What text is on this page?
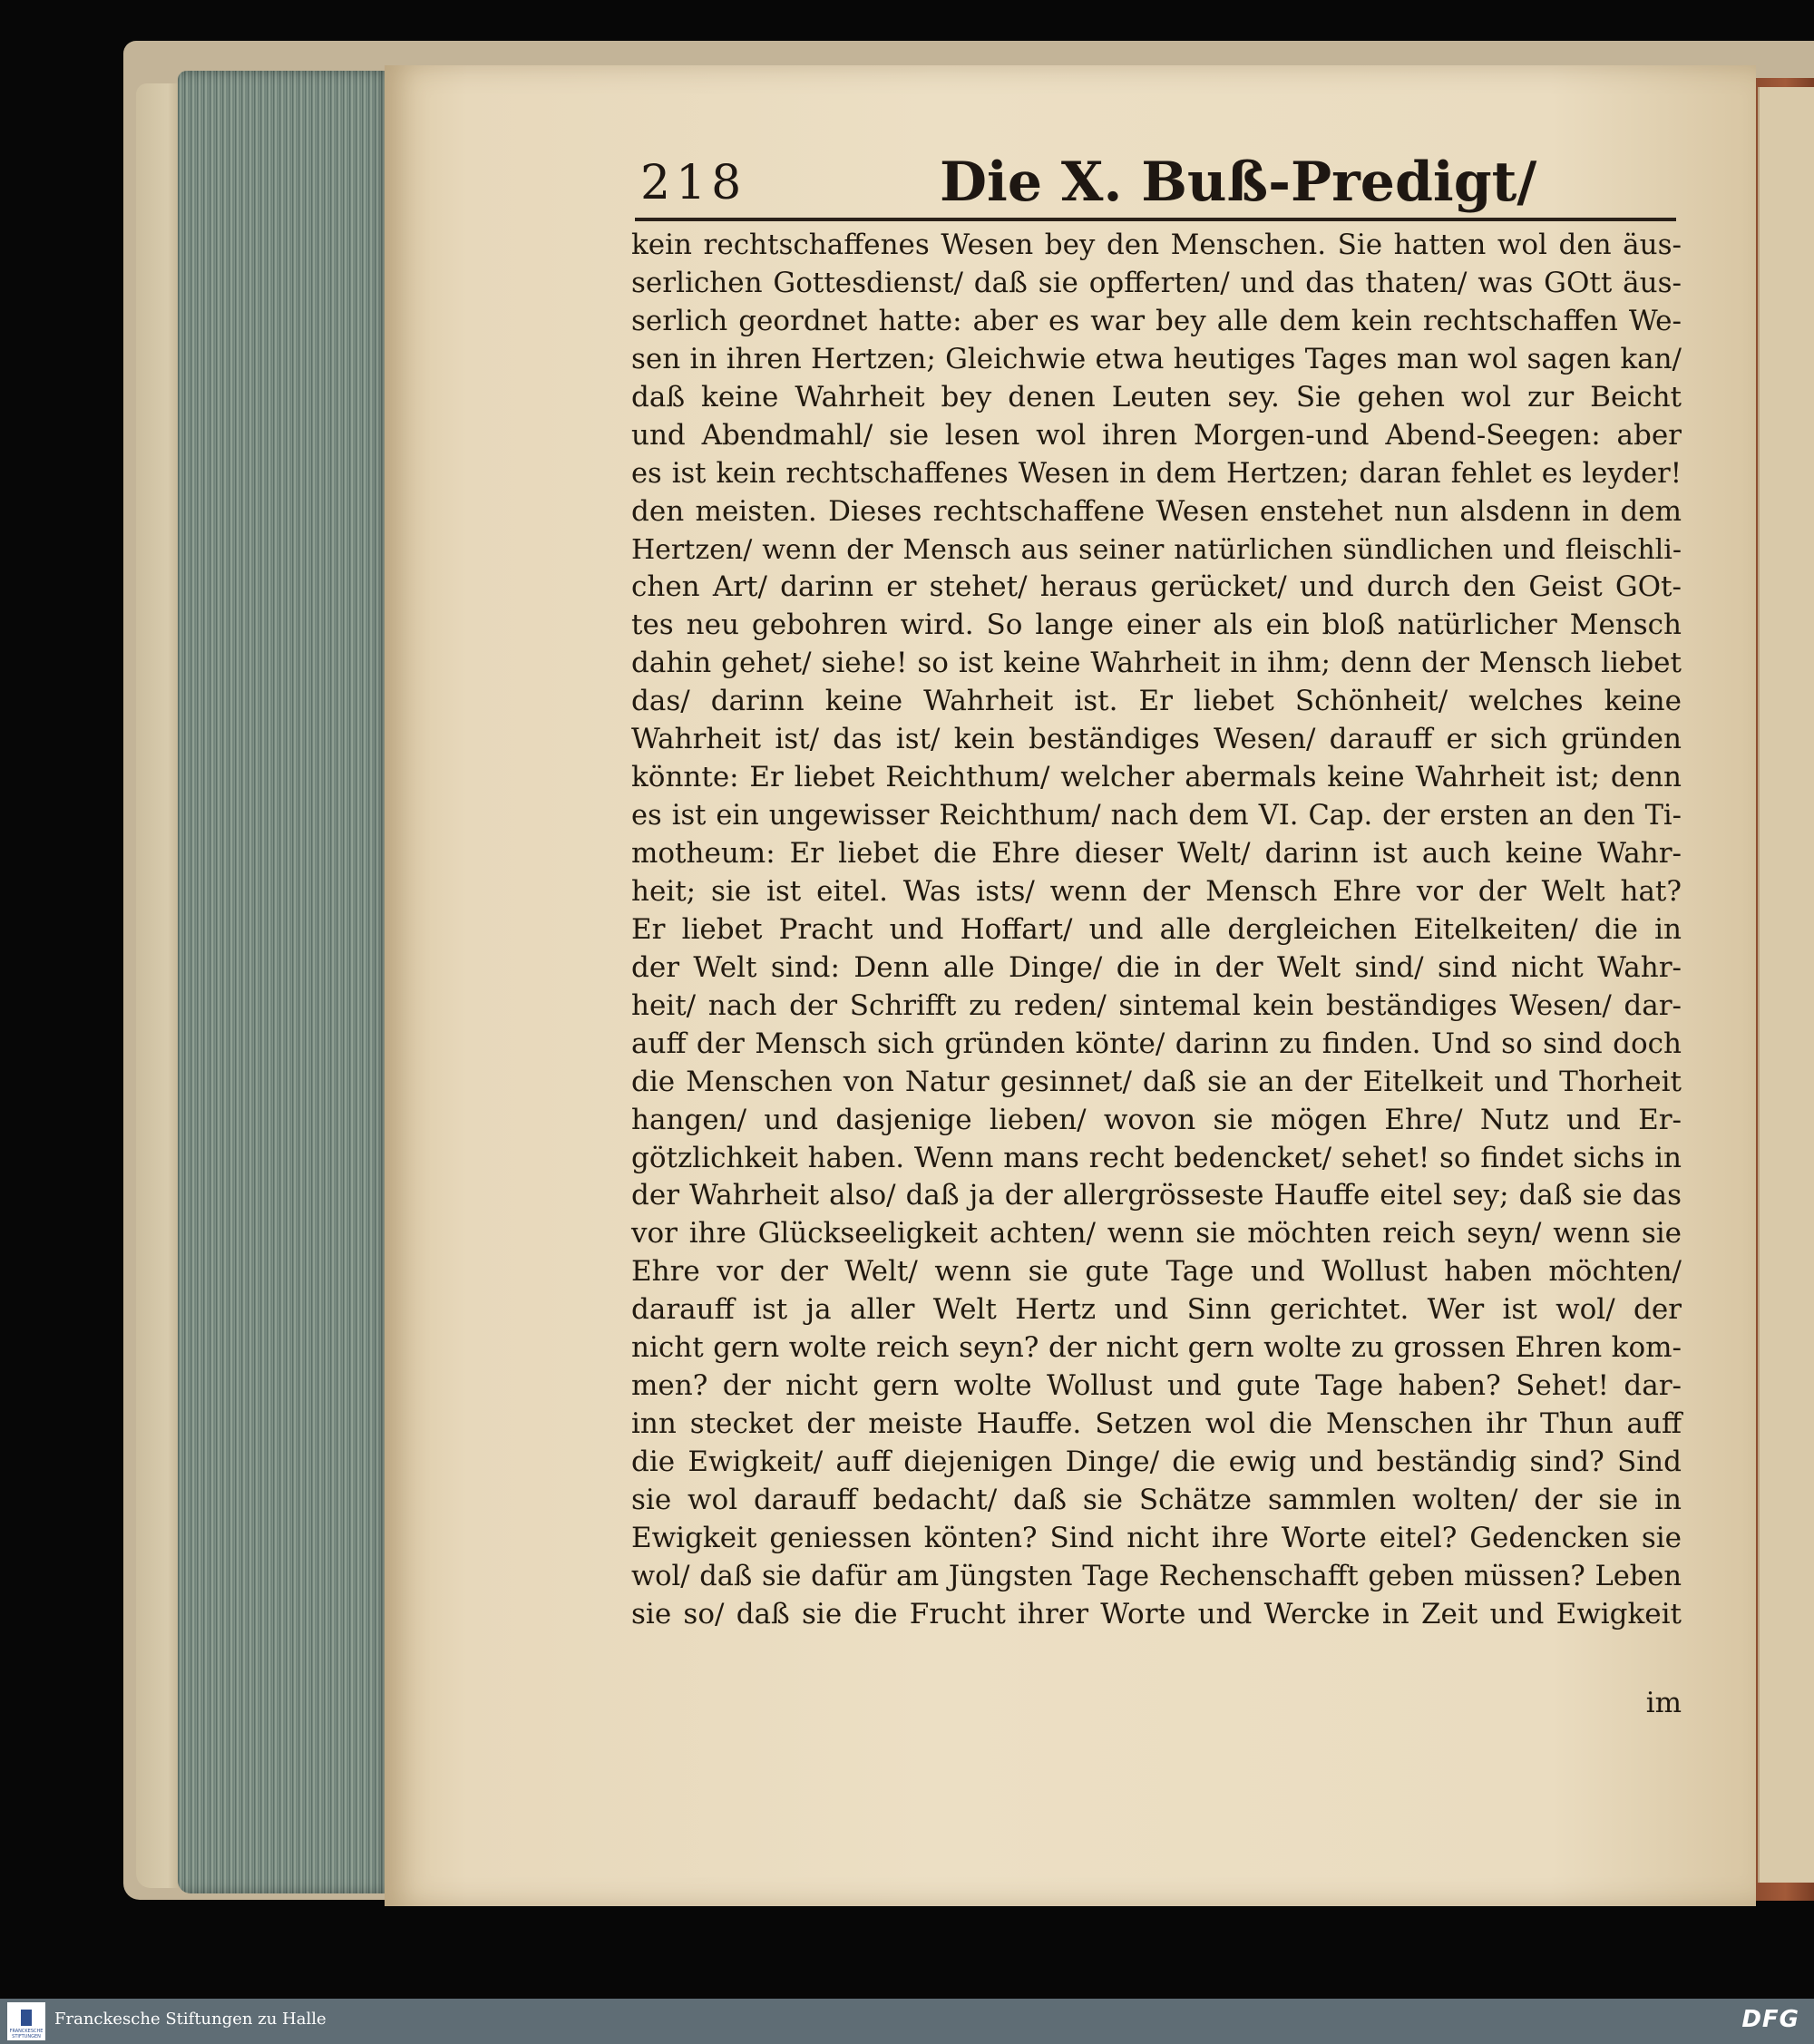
218	Die X. Buß-Predigt/
kein rechtschaffenes Wesen bey den Menschen. Sie hatten wol den äus-
serlichen Gottesdienst/ daß sie opfferten/ und das thaten/ was GOtt äus-
serlich geordnet hatte: aber es war bey alle dem kein rechtschaffen We-
sen in ihren Hertzen; Gleichwie etwa heutiges Tages man wol sagen kan/
daß keine Wahrheit bey denen Leuten sey. Sie gehen wol zur Beicht
und Abendmahl/ sie lesen wol ihren Morgen-und Abend-Seegen: aber
es ist kein rechtschaffenes Wesen in dem Hertzen; daran fehlet es leyder!
den meisten. Dieses rechtschaffene Wesen enstehet nun alsdenn in dem
Hertzen/ wenn der Mensch aus seiner natürlichen sündlichen und fleischli-
chen Art/ darinn er stehet/ heraus gerücket/ und durch den Geist GOt-
tes neu gebohren wird. So lange einer als ein bloß natürlicher Mensch
dahin gehet/ siehe! so ist keine Wahrheit in ihm; denn der Mensch liebet
das/ darinn keine Wahrheit ist. Er liebet Schönheit/ welches keine
Wahrheit ist/ das ist/ kein beständiges Wesen/ darauff er sich gründen
könnte: Er liebet Reichthum/ welcher abermals keine Wahrheit ist; denn
es ist ein ungewisser Reichthum/ nach dem VI. Cap. der ersten an den Ti-
motheum: Er liebet die Ehre dieser Welt/ darinn ist auch keine Wahr-
heit; sie ist eitel. Was ists/ wenn der Mensch Ehre vor der Welt hat?
Er liebet Pracht und Hoffart/ und alle dergleichen Eitelkeiten/ die in
der Welt sind: Denn alle Dinge/ die in der Welt sind/ sind nicht Wahr-
heit/ nach der Schrifft zu reden/ sintemal kein beständiges Wesen/ dar-
auff der Mensch sich gründen könte/ darinn zu finden. Und so sind doch
die Menschen von Natur gesinnet/ daß sie an der Eitelkeit und Thorheit
hangen/ und dasjenige lieben/ wovon sie mögen Ehre/ Nutz und Er-
götzlichkeit haben. Wenn mans recht bedencket/ sehet! so findet sichs in
der Wahrheit also/ daß ja der allergrösseste Hauffe eitel sey; daß sie das
vor ihre Glückseeligkeit achten/ wenn sie möchten reich seyn/ wenn sie
Ehre vor der Welt/ wenn sie gute Tage und Wollust haben möchten/
darauff ist ja aller Welt Hertz und Sinn gerichtet. Wer ist wol/ der
nicht gern wolte reich seyn? der nicht gern wolte zu grossen Ehren kom-
men? der nicht gern wolte Wollust und gute Tage haben? Sehet! dar-
inn stecket der meiste Hauffe. Setzen wol die Menschen ihr Thun auff
die Ewigkeit/ auff diejenigen Dinge/ die ewig und beständig sind? Sind
sie wol darauff bedacht/ daß sie Schätze sammlen wolten/ der sie in
Ewigkeit geniessen könten? Sind nicht ihre Worte eitel? Gedencken sie
wol/ daß sie dafür am Jüngsten Tage Rechenschafft geben müssen? Leben
sie so/ daß sie die Frucht ihrer Worte und Wercke in Zeit und Ewigkeit
im
FRANCKESCHE STIFTUNGEN
Franckesche Stiftungen zu Halle	DFG
